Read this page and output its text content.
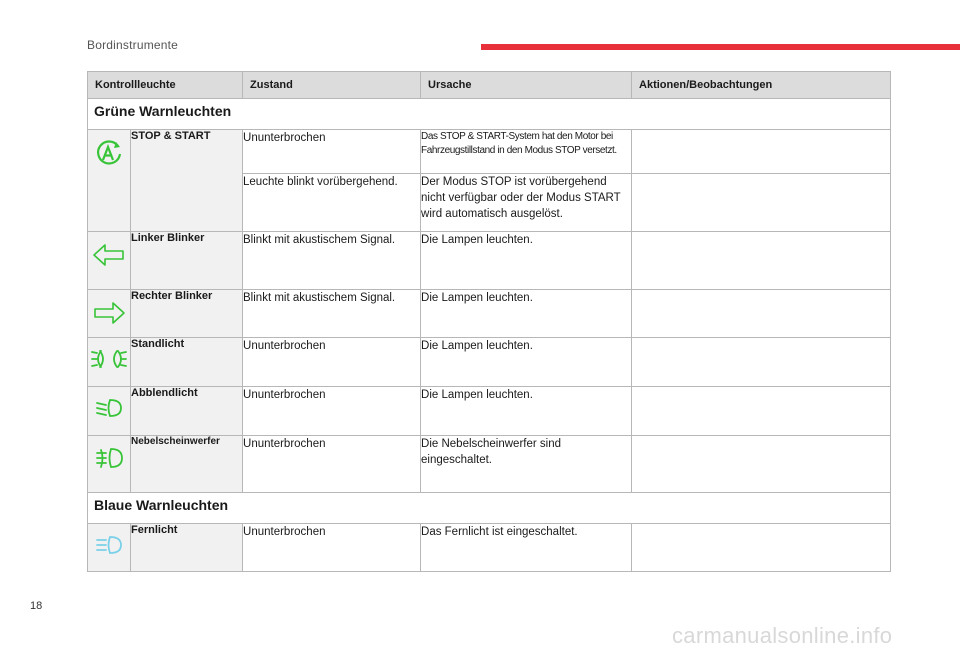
Bordinstrumente
Kontrollleuchte		Zustand	Ursache	Aktionen/Beobachtungen
Grüne Warnleuchten				
	STOP & START	Ununterbrochen	Das STOP & START-System hat den Motor bei Fahrzeugstillstand in den Modus STOP versetzt.	
		Leuchte blinkt vorübergehend.	Der Modus STOP ist vorübergehend nicht verfügbar oder der Modus START wird automatisch ausgelöst.	
	Linker Blinker	Blinkt mit akustischem Signal.	Die Lampen leuchten.	
	Rechter Blinker	Blinkt mit akustischem Signal.	Die Lampen leuchten.	
	Standlicht	Ununterbrochen	Die Lampen leuchten.	
	Abblendlicht	Ununterbrochen	Die Lampen leuchten.	
	Nebelscheinwerfer	Ununterbrochen	Die Nebelscheinwerfer sind eingeschaltet.	
Blaue Warnleuchten				
	Fernlicht	Ununterbrochen	Das Fernlicht ist eingeschaltet.	
18
carmanualsonline.info
